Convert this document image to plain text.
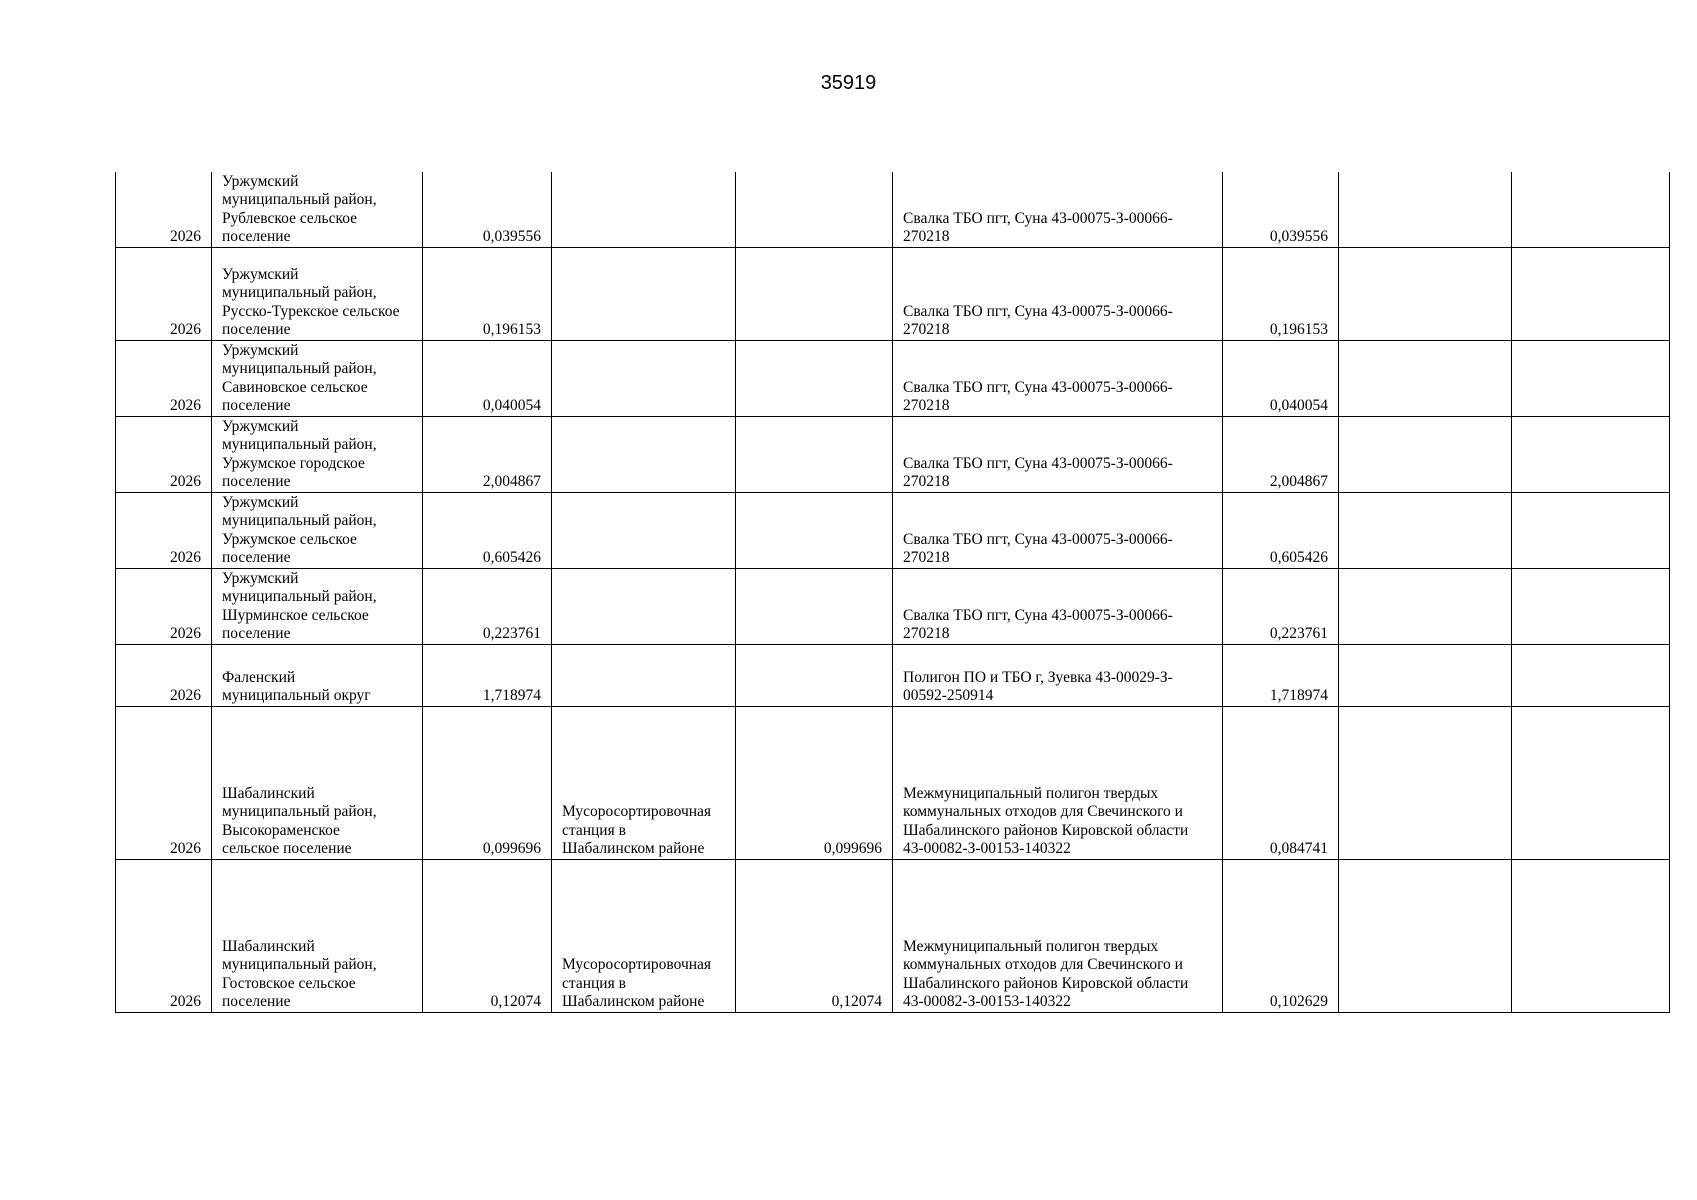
35919
2026	Уржумский
муниципальный район,
Рублевское сельское
поселение	0,039556			Свалка ТБО пгт, Суна 43-00075-З-00066-
270218	0,039556		
2026	Уржумский
муниципальный район,
Русско-Турекское сельское
поселение	0,196153			Свалка ТБО пгт, Суна 43-00075-З-00066-
270218	0,196153		
2026	Уржумский
муниципальный район,
Савиновское сельское
поселение	0,040054			Свалка ТБО пгт, Суна 43-00075-З-00066-
270218	0,040054		
2026	Уржумский
муниципальный район,
Уржумское городское
поселение	2,004867			Свалка ТБО пгт, Суна 43-00075-З-00066-
270218	2,004867		
2026	Уржумский
муниципальный район,
Уржумское сельское
поселение	0,605426			Свалка ТБО пгт, Суна 43-00075-З-00066-
270218	0,605426		
2026	Уржумский
муниципальный район,
Шурминское сельское
поселение	0,223761			Свалка ТБО пгт, Суна 43-00075-З-00066-
270218	0,223761		
2026	Фаленский
муниципальный округ	1,718974			Полигон ПО и ТБО г, Зуевка 43-00029-З-
00592-250914	1,718974		
2026	Шабалинский
муниципальный район,
Высокораменское
сельское поселение	0,099696	Мусоросортировочная
станция в
Шабалинском районе	0,099696	Межмуниципальный полигон твердых
коммунальных отходов для Свечинского и
Шабалинского районов Кировской области
43-00082-З-00153-140322	0,084741		
2026	Шабалинский
муниципальный район,
Гостовское сельское
поселение	0,12074	Мусоросортировочная
станция в
Шабалинском районе	0,12074	Межмуниципальный полигон твердых
коммунальных отходов для Свечинского и
Шабалинского районов Кировской области
43-00082-З-00153-140322	0,102629		
